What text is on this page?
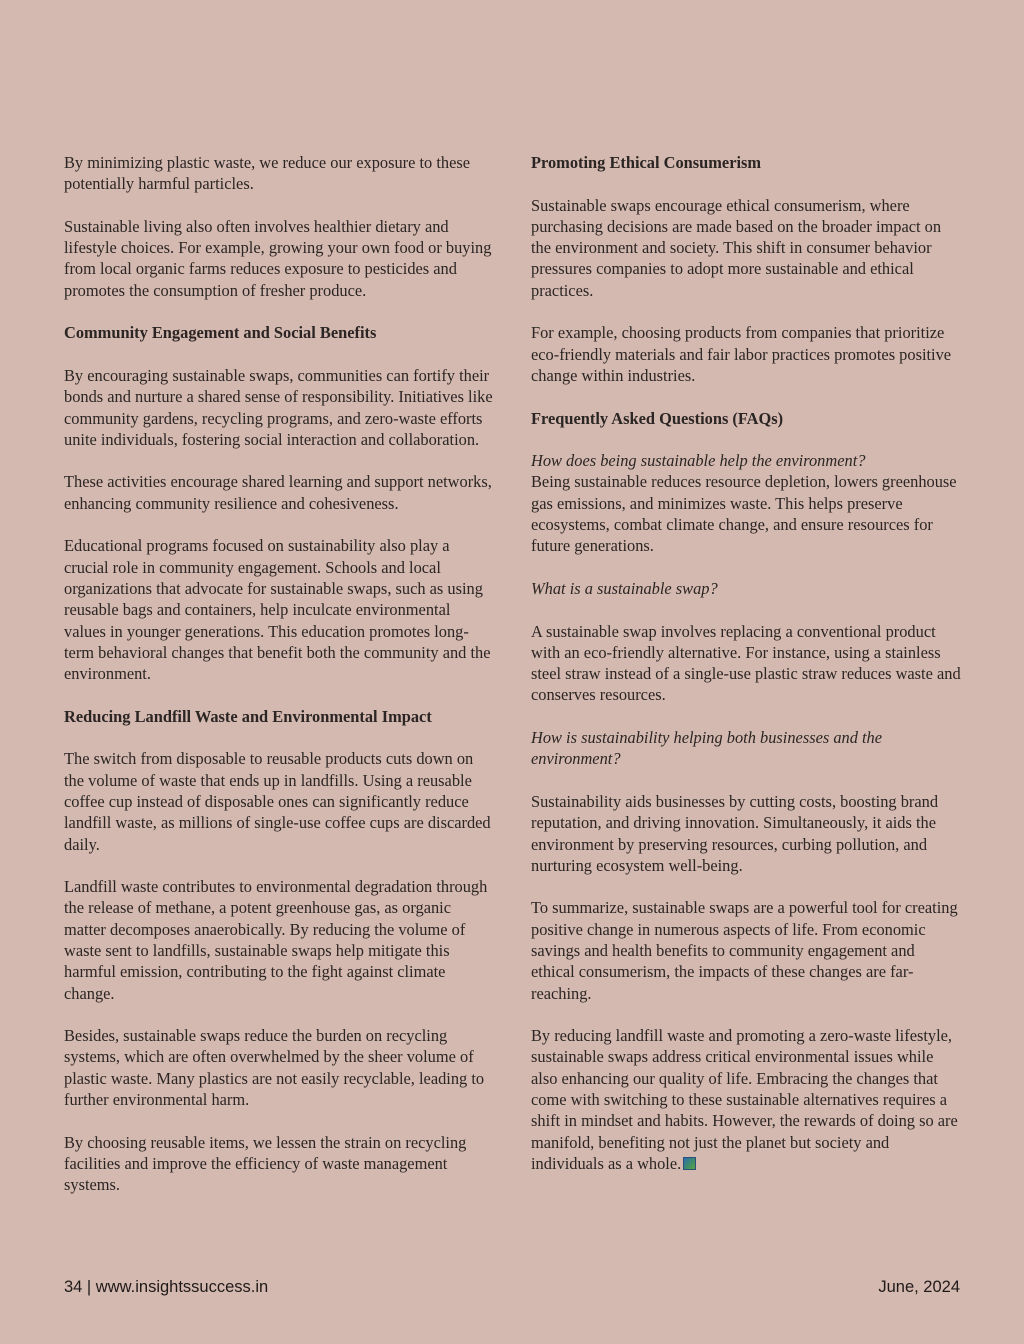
By minimizing plastic waste, we reduce our exposure to these potentially harmful particles.

Sustainable living also often involves healthier dietary and lifestyle choices. For example, growing your own food or buying from local organic farms reduces exposure to pesticides and promotes the consumption of fresher produce.

Community Engagement and Social Benefits

By encouraging sustainable swaps, communities can fortify their bonds and nurture a shared sense of responsibility. Initiatives like community gardens, recycling programs, and zero-waste efforts unite individuals, fostering social interaction and collaboration.

These activities encourage shared learning and support networks, enhancing community resilience and cohesiveness.

Educational programs focused on sustainability also play a crucial role in community engagement. Schools and local organizations that advocate for sustainable swaps, such as using reusable bags and containers, help inculcate environmental values in younger generations. This education promotes long-term behavioral changes that benefit both the community and the environment.

Reducing Landfill Waste and Environmental Impact

The switch from disposable to reusable products cuts down on the volume of waste that ends up in landfills. Using a reusable coffee cup instead of disposable ones can significantly reduce landfill waste, as millions of single-use coffee cups are discarded daily.

Landfill waste contributes to environmental degradation through the release of methane, a potent greenhouse gas, as organic matter decomposes anaerobically. By reducing the volume of waste sent to landfills, sustainable swaps help mitigate this harmful emission, contributing to the fight against climate change.

Besides, sustainable swaps reduce the burden on recycling systems, which are often overwhelmed by the sheer volume of plastic waste. Many plastics are not easily recyclable, leading to further environmental harm.

By choosing reusable items, we lessen the strain on recycling facilities and improve the efficiency of waste management systems.

Promoting Ethical Consumerism

Sustainable swaps encourage ethical consumerism, where purchasing decisions are made based on the broader impact on the environment and society. This shift in consumer behavior pressures companies to adopt more sustainable and ethical practices.

For example, choosing products from companies that prioritize eco-friendly materials and fair labor practices promotes positive change within industries.

Frequently Asked Questions (FAQs)

How does being sustainable help the environment?

Being sustainable reduces resource depletion, lowers greenhouse gas emissions, and minimizes waste. This helps preserve ecosystems, combat climate change, and ensure resources for future generations.

What is a sustainable swap?

A sustainable swap involves replacing a conventional product with an eco-friendly alternative. For instance, using a stainless steel straw instead of a single-use plastic straw reduces waste and conserves resources.

How is sustainability helping both businesses and the environment?

Sustainability aids businesses by cutting costs, boosting brand reputation, and driving innovation. Simultaneously, it aids the environment by preserving resources, curbing pollution, and nurturing ecosystem well-being.

To summarize, sustainable swaps are a powerful tool for creating positive change in numerous aspects of life. From economic savings and health benefits to community engagement and ethical consumerism, the impacts of these changes are far-reaching.

By reducing landfill waste and promoting a zero-waste lifestyle, sustainable swaps address critical environmental issues while also enhancing our quality of life. Embracing the changes that come with switching to these sustainable alternatives requires a shift in mindset and habits. However, the rewards of doing so are manifold, benefiting not just the planet but society and individuals as a whole.

34 | www.insightssuccess.in	June, 2024
